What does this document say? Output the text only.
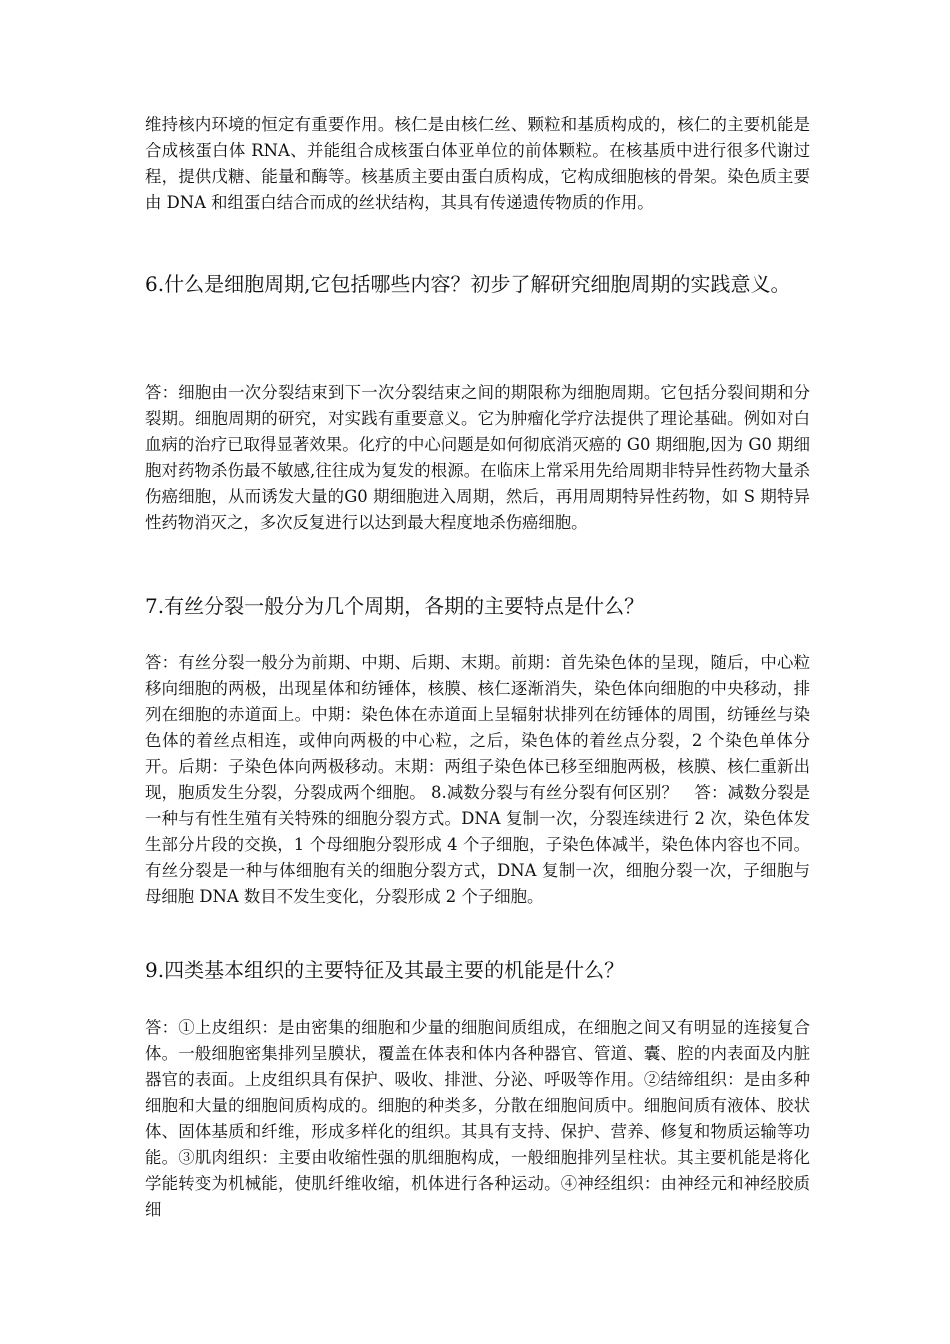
维持核内环境的恒定有重要作用。核仁是由核仁丝、颗粒和基质构成的，核仁的主要机能是合成核蛋白体 RNA、并能组合成核蛋白体亚单位的前体颗粒。在核基质中进行很多代谢过程，提供戊糖、能量和酶等。核基质主要由蛋白质构成，它构成细胞核的骨架。染色质主要由 DNA 和组蛋白结合而成的丝状结构，其具有传递遗传物质的作用。

6.什么是细胞周期,它包括哪些内容？初步了解研究细胞周期的实践意义。

答：细胞由一次分裂结束到下一次分裂结束之间的期限称为细胞周期。它包括分裂间期和分裂期。细胞周期的研究，对实践有重要意义。它为肿瘤化学疗法提供了理论基础。例如对白血病的治疗已取得显著效果。化疗的中心问题是如何彻底消灭癌的 G0 期细胞,因为 G0 期细胞对药物杀伤最不敏感,往往成为复发的根源。在临床上常采用先给周期非特异性药物大量杀伤癌细胞，从而诱发大量的G0 期细胞进入周期，然后，再用周期特异性药物，如 S 期特异性药物消灭之，多次反复进行以达到最大程度地杀伤癌细胞。

7.有丝分裂一般分为几个周期，各期的主要特点是什么？

答：有丝分裂一般分为前期、中期、后期、末期。前期：首先染色体的呈现，随后，中心粒移向细胞的两极，出现星体和纺锤体，核膜、核仁逐渐消失，染色体向细胞的中央移动，排列在细胞的赤道面上。中期：染色体在赤道面上呈辐射状排列在纺锤体的周围，纺锤丝与染色体的着丝点相连，或伸向两极的中心粒，之后，染色体的着丝点分裂，2 个染色单体分开。后期：子染色体向两极移动。末期：两组子染色体已移至细胞两极，核膜、核仁重新出现，胞质发生分裂，分裂成两个细胞。 8.减数分裂与有丝分裂有何区别？　答：减数分裂是一种与有性生殖有关特殊的细胞分裂方式。DNA 复制一次，分裂连续进行 2 次，染色体发生部分片段的交换，1 个母细胞分裂形成 4 个子细胞，子染色体减半，染色体内容也不同。有丝分裂是一种与体细胞有关的细胞分裂方式，DNA 复制一次，细胞分裂一次，子细胞与母细胞 DNA 数目不发生变化，分裂形成 2 个子细胞。

9.四类基本组织的主要特征及其最主要的机能是什么？

答：①上皮组织：是由密集的细胞和少量的细胞间质组成，在细胞之间又有明显的连接复合体。一般细胞密集排列呈膜状，覆盖在体表和体内各种器官、管道、囊、腔的内表面及内脏器官的表面。上皮组织具有保护、吸收、排泄、分泌、呼吸等作用。②结缔组织：是由多种细胞和大量的细胞间质构成的。细胞的种类多，分散在细胞间质中。细胞间质有液体、胶状体、固体基质和纤维，形成多样化的组织。其具有支持、保护、营养、修复和物质运输等功能。③肌肉组织：主要由收缩性强的肌细胞构成，一般细胞排列呈柱状。其主要机能是将化学能转变为机械能，使肌纤维收缩，机体进行各种运动。④神经组织：由神经元和神经胶质细
